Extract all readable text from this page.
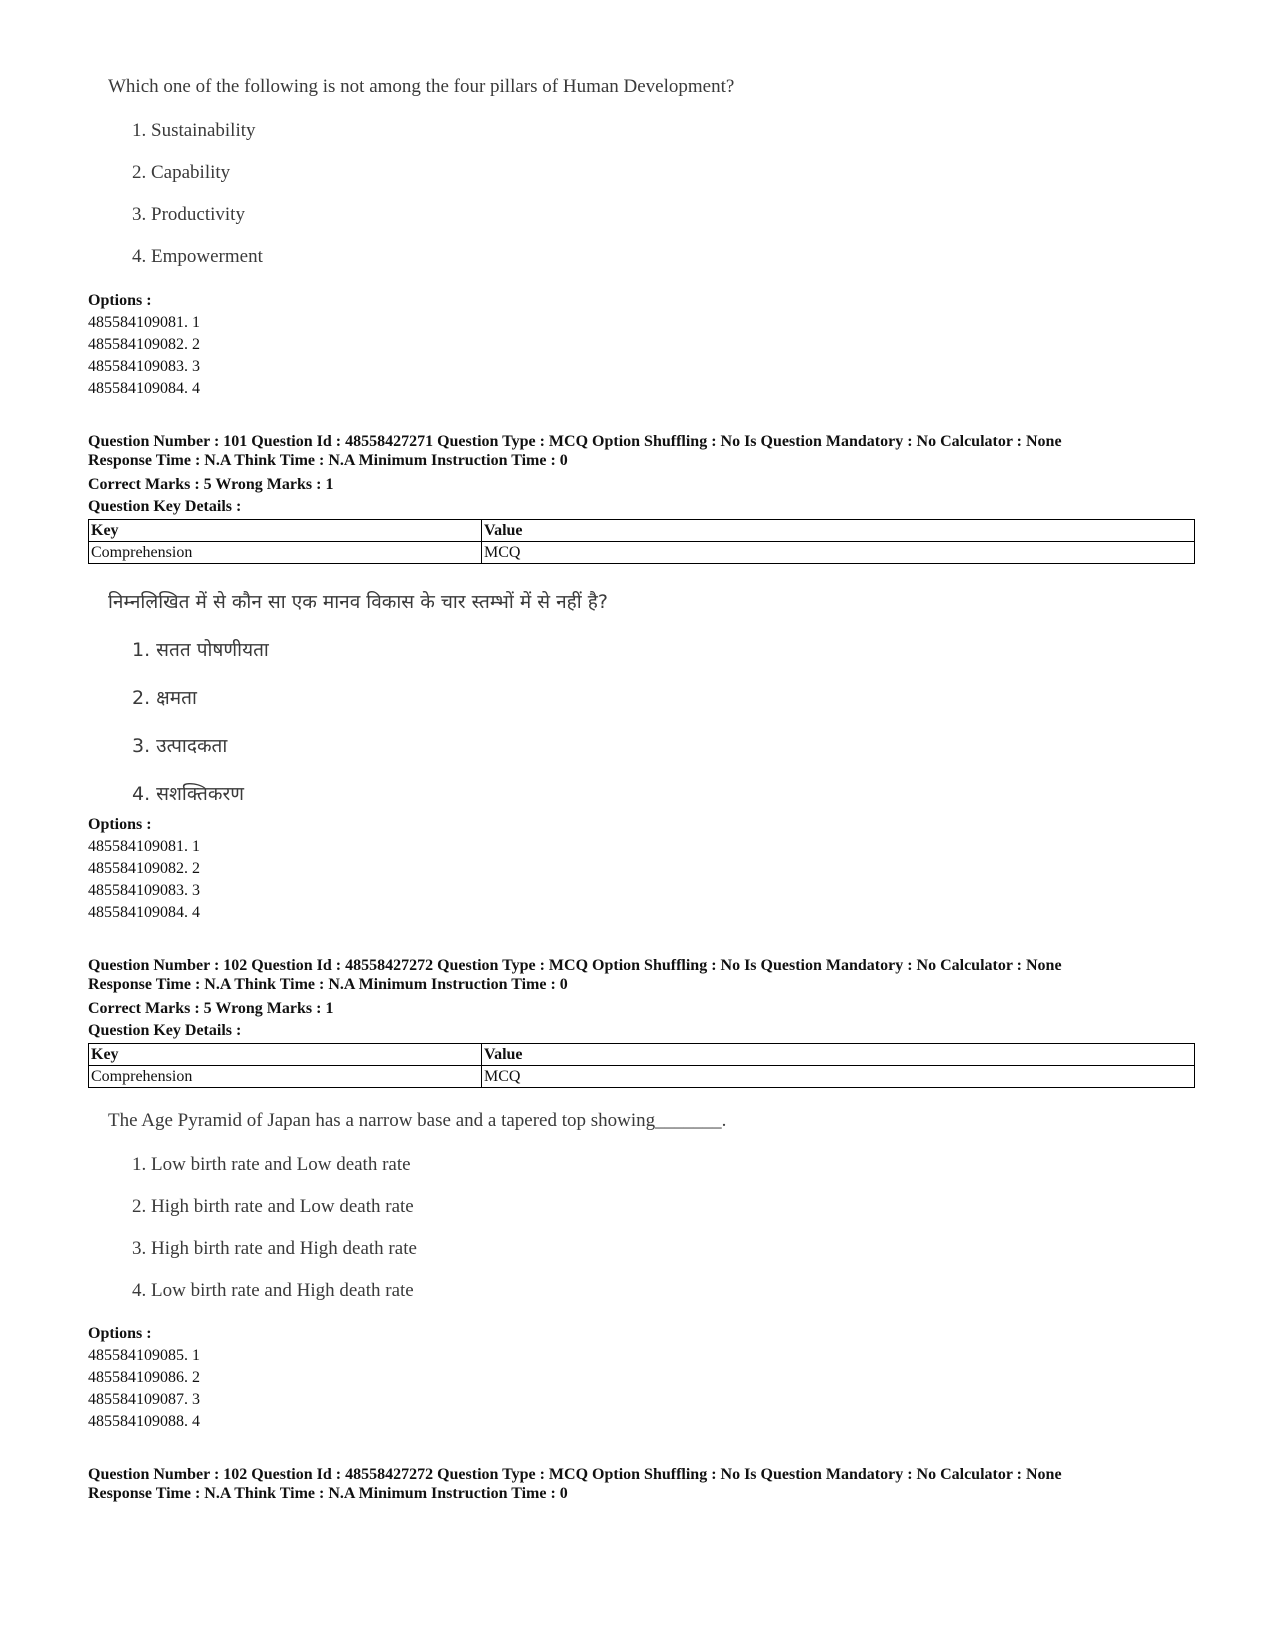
Which one of the following is not among the four pillars of Human Development?
1. Sustainability
2. Capability
3. Productivity
4. Empowerment
Options :
485584109081. 1
485584109082. 2
485584109083. 3
485584109084. 4
Question Number : 101 Question Id : 48558427271 Question Type : MCQ Option Shuffling : No Is Question Mandatory : No Calculator : None
Response Time : N.A Think Time : N.A Minimum Instruction Time : 0
Correct Marks : 5 Wrong Marks : 1
Question Key Details :
Key	Value
Comprehension	MCQ
निम्नलिखित में से कौन सा एक मानव विकास के चार स्तम्भों में से नहीं है?
1. सतत पोषणीयता
2. क्षमता
3. उत्पादकता
4. सशक्तिकरण
Options :
485584109081. 1
485584109082. 2
485584109083. 3
485584109084. 4
Question Number : 102 Question Id : 48558427272 Question Type : MCQ Option Shuffling : No Is Question Mandatory : No Calculator : None
Response Time : N.A Think Time : N.A Minimum Instruction Time : 0
Correct Marks : 5 Wrong Marks : 1
Question Key Details :
Key	Value
Comprehension	MCQ
The Age Pyramid of Japan has a narrow base and a tapered top showing_______.
1. Low birth rate and Low death rate
2. High birth rate and Low death rate
3. High birth rate and High death rate
4. Low birth rate and High death rate
Options :
485584109085. 1
485584109086. 2
485584109087. 3
485584109088. 4
Question Number : 102 Question Id : 48558427272 Question Type : MCQ Option Shuffling : No Is Question Mandatory : No Calculator : None
Response Time : N.A Think Time : N.A Minimum Instruction Time : 0
